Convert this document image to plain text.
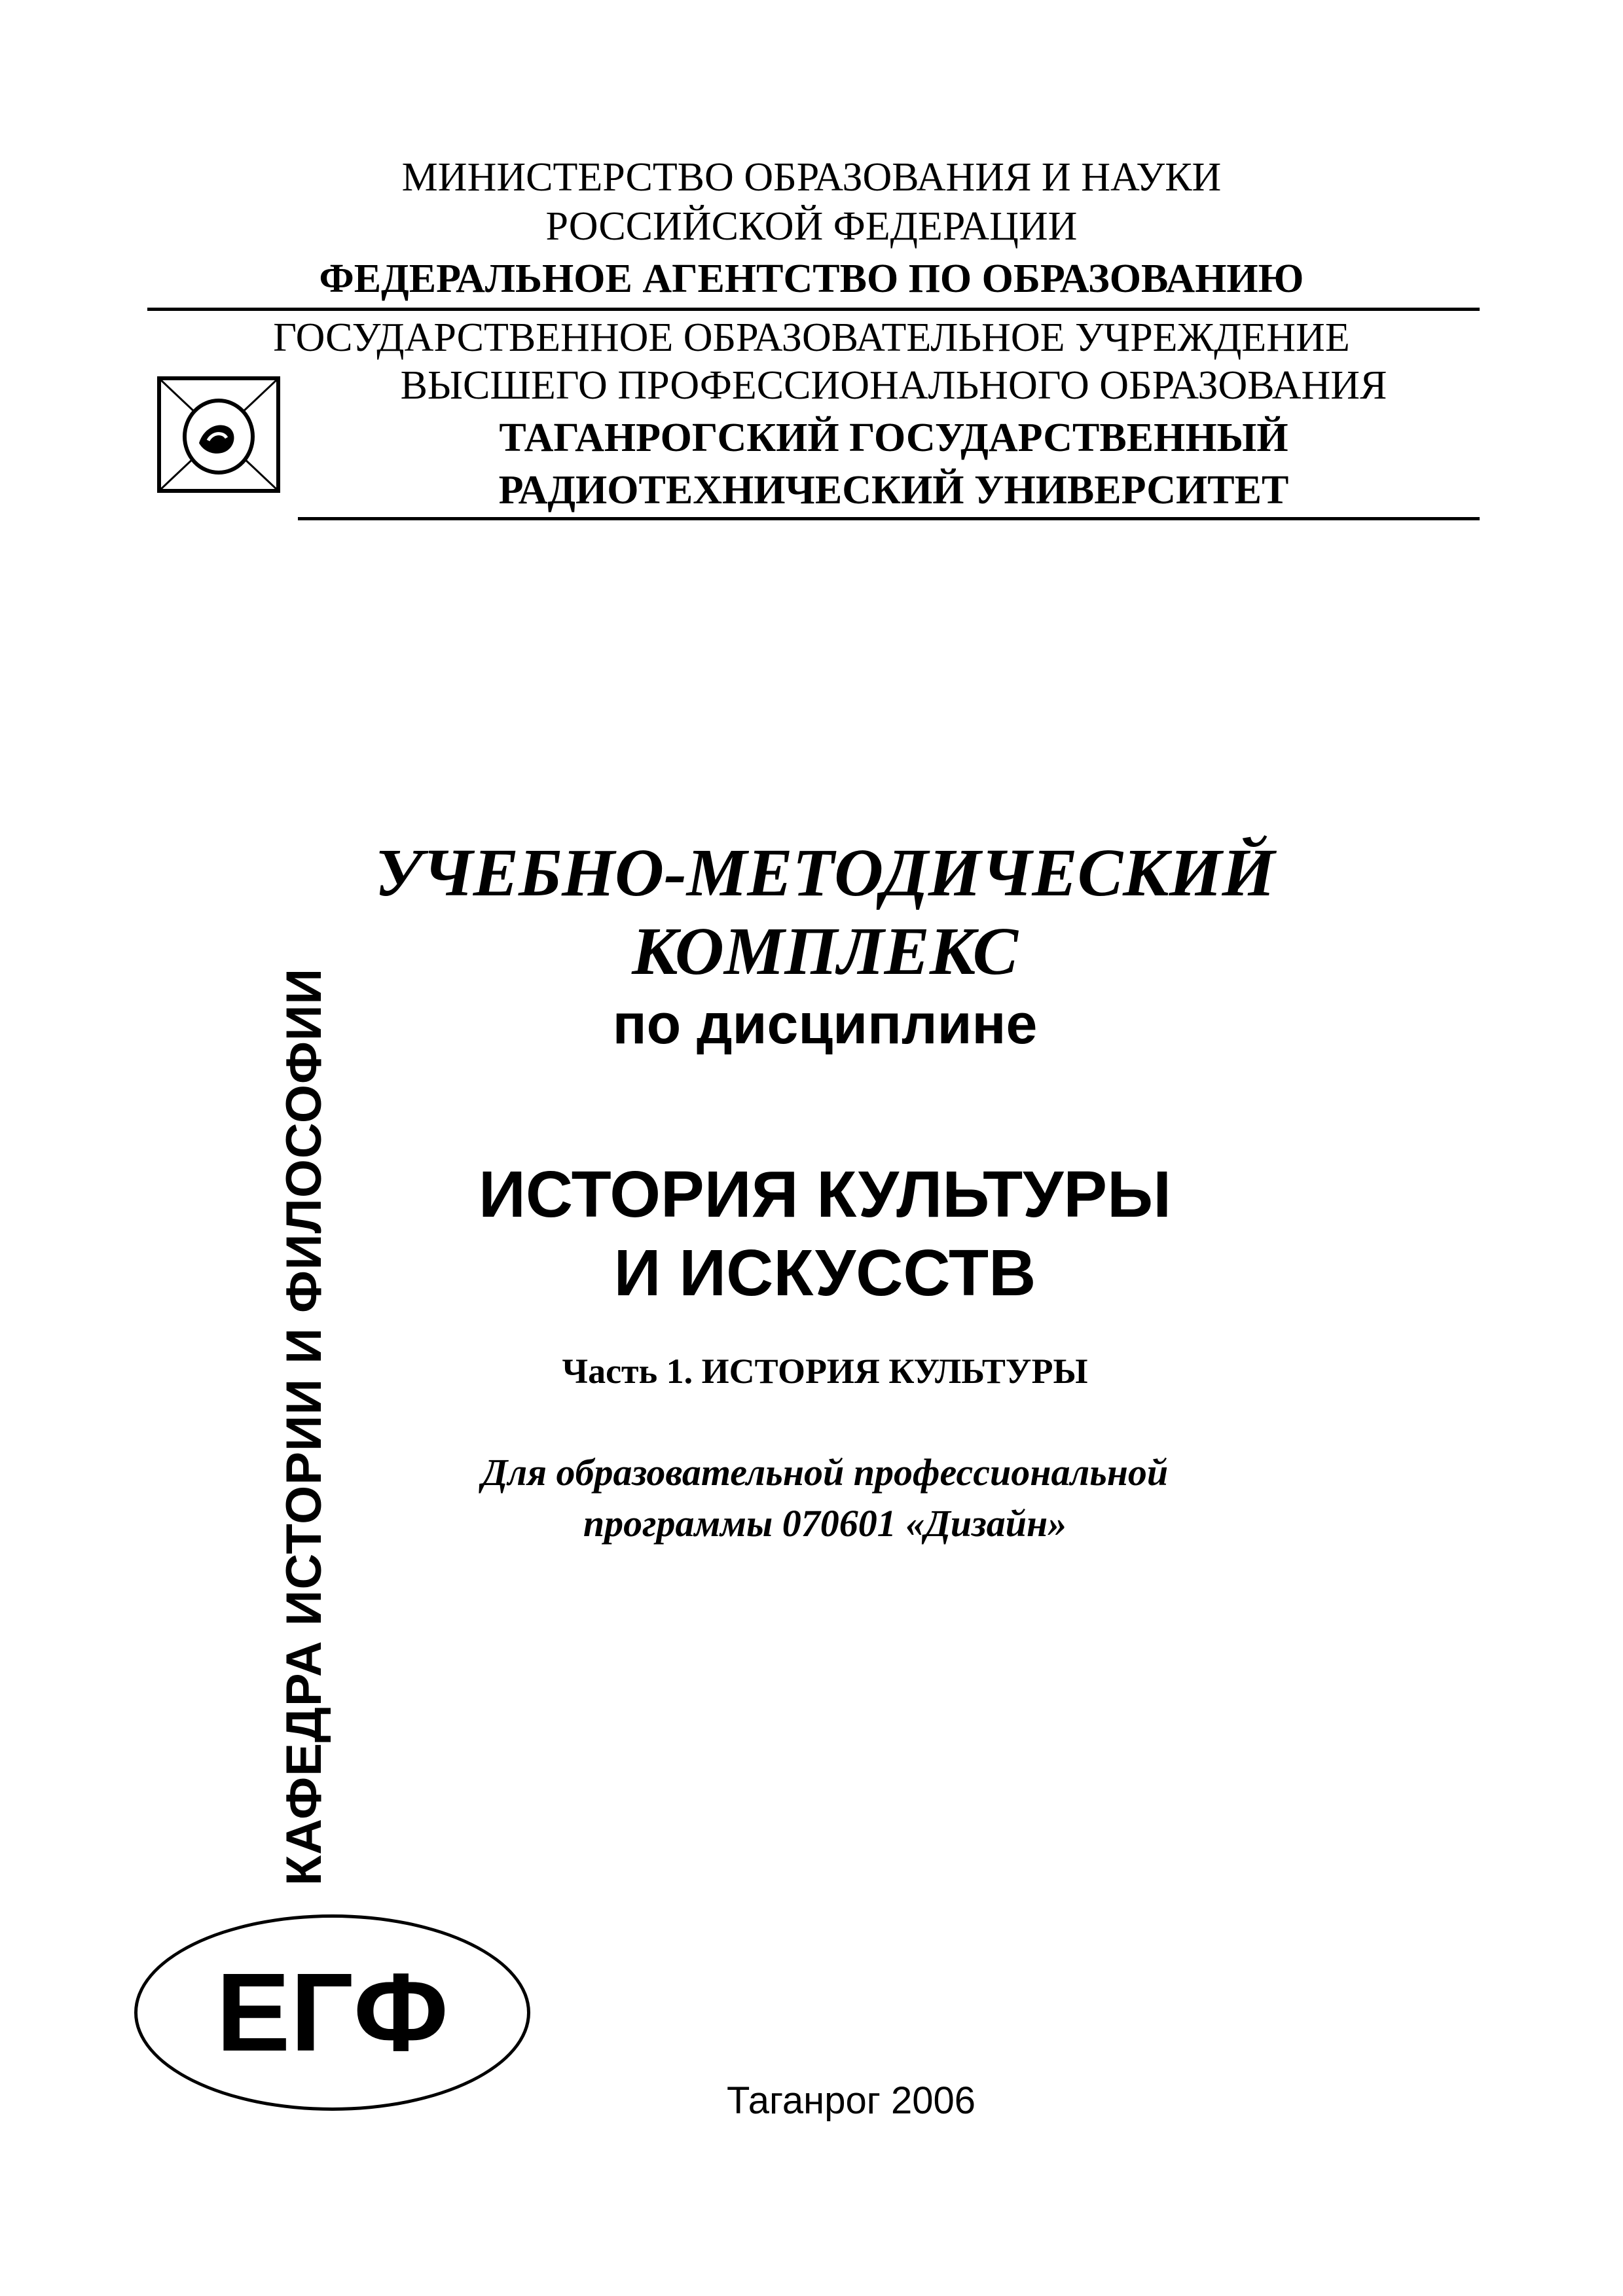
МИНИСТЕРСТВО ОБРАЗОВАНИЯ И НАУКИ
РОССИЙСКОЙ ФЕДЕРАЦИИ
ФЕДЕРАЛЬНОЕ АГЕНТСТВО ПО ОБРАЗОВАНИЮ
ГОСУДАРСТВЕННОЕ ОБРАЗОВАТЕЛЬНОЕ УЧРЕЖДЕНИЕ
ВЫСШЕГО ПРОФЕССИОНАЛЬНОГО ОБРАЗОВАНИЯ
ТАГАНРОГСКИЙ ГОСУДАРСТВЕННЫЙ
РАДИОТЕХНИЧЕСКИЙ УНИВЕРСИТЕТ
КАФЕДРА ИСТОРИИ И ФИЛОСОФИИ
УЧЕБНО-МЕТОДИЧЕСКИЙ
КОМПЛЕКС
по дисциплине
ИСТОРИЯ КУЛЬТУРЫ
И ИСКУССТВ
Часть 1. ИСТОРИЯ КУЛЬТУРЫ
Для образовательной профессиональной
программы 070601 «Дизайн»
ЕГФ
Таганрог 2006
